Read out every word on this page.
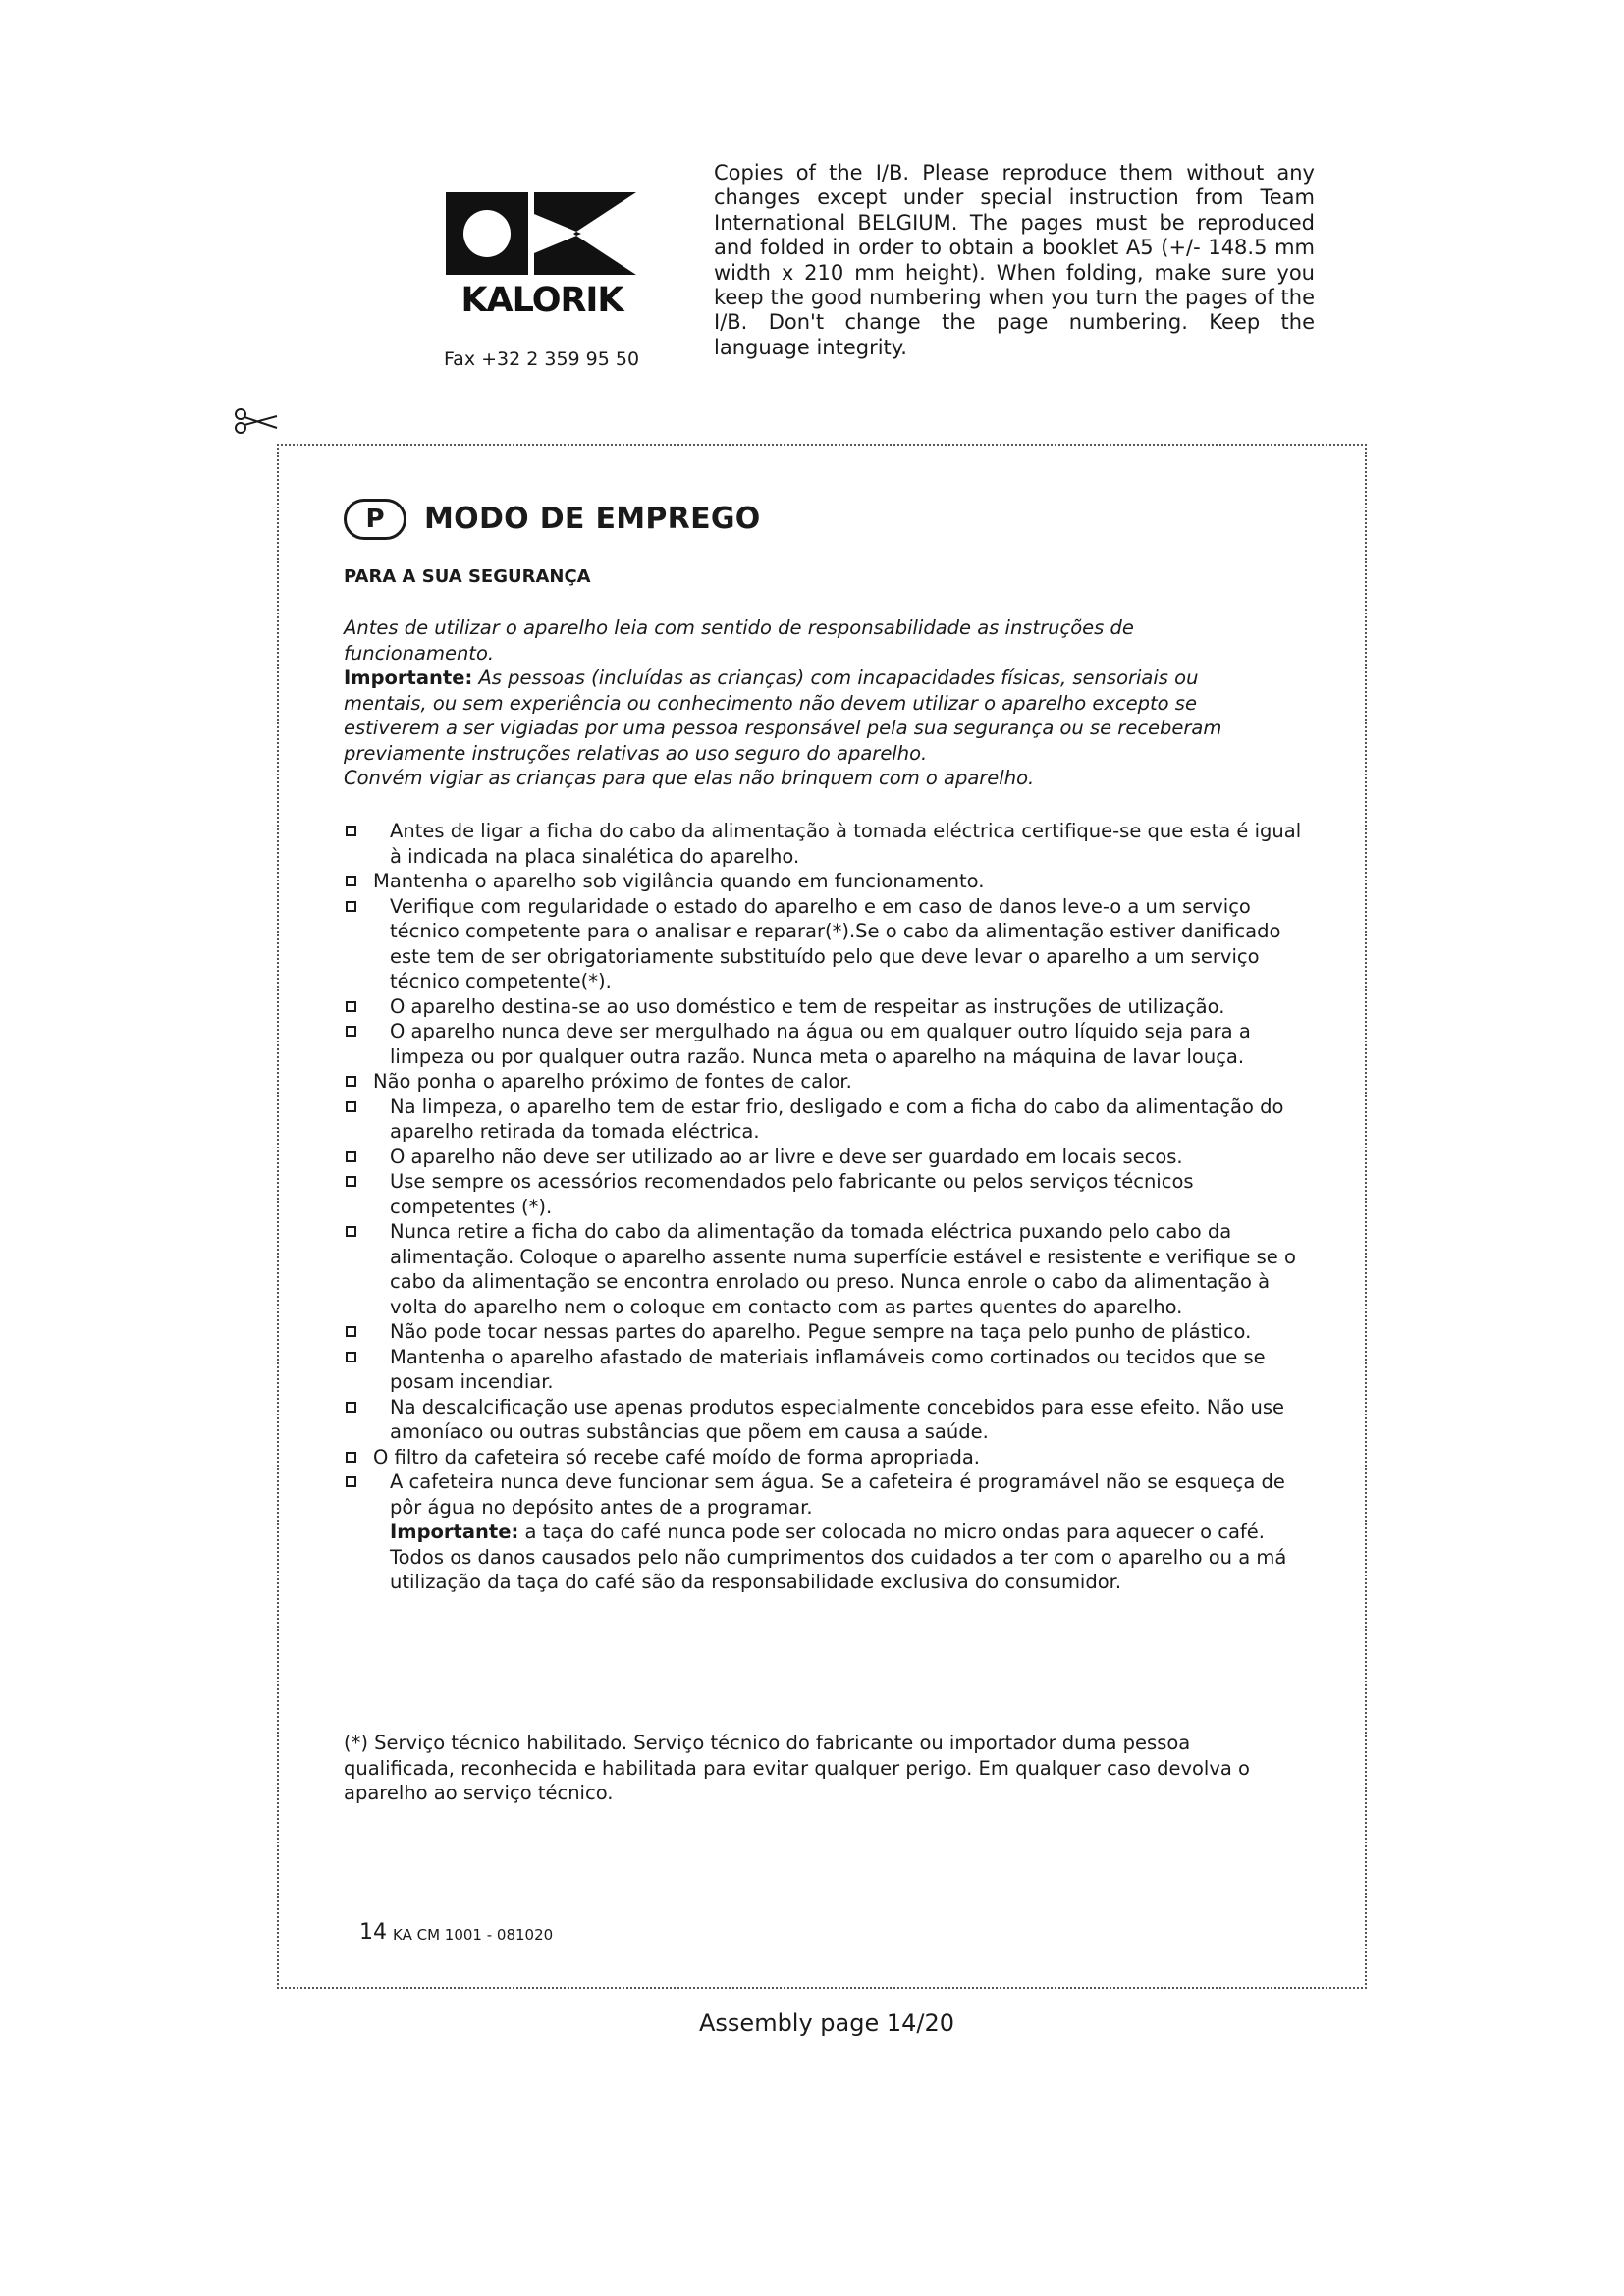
KALORIK
Fax +32 2 359 95 50
Copies of the I/B. Please reproduce them without any changes except under special instruction from Team International BELGIUM. The pages must be reproduced and folded in order to obtain a booklet A5 (+/- 148.5 mm width x 210 mm height). When folding, make sure you keep the good numbering when you turn the pages of the I/B. Don't change the page numbering. Keep the language integrity.
P	MODO DE EMPREGO
PARA A SUA SEGURANÇA

Antes de utilizar o aparelho leia com sentido de responsabilidade as instruções de funcionamento.

Importante: As pessoas (incluídas as crianças) com incapacidades físicas, sensoriais ou mentais, ou sem experiência ou conhecimento não devem utilizar o aparelho excepto se estiverem a ser vigiadas por uma pessoa responsável pela sua segurança ou se receberam previamente instruções relativas ao uso seguro do aparelho.

Convém vigiar as crianças para que elas não brinquem com o aparelho.

Antes de ligar a ficha do cabo da alimentação à tomada eléctrica certifique-se que esta é igual à indicada na placa sinalética do aparelho.

Mantenha o aparelho sob vigilância quando em funcionamento.

Verifique com regularidade o estado do aparelho e em caso de danos leve-o a um serviço técnico competente para o analisar e reparar(*).Se o cabo da alimentação estiver danificado este tem de ser obrigatoriamente substituído pelo que deve levar o aparelho a um serviço técnico competente(*).

O aparelho destina-se ao uso doméstico e tem de respeitar as instruções de utilização.

O aparelho nunca deve ser mergulhado na água ou em qualquer outro líquido seja para a limpeza ou por qualquer outra razão. Nunca meta o aparelho na máquina de lavar louça.

Não ponha o aparelho próximo de fontes de calor.

Na limpeza, o aparelho tem de estar frio, desligado e com a ficha do cabo da alimentação do aparelho retirada da tomada eléctrica.

O aparelho não deve ser utilizado ao ar livre e deve ser guardado em locais secos.

Use sempre os acessórios recomendados pelo fabricante ou pelos serviços técnicos competentes (*).

Nunca retire a ficha do cabo da alimentação da tomada eléctrica puxando pelo cabo da alimentação. Coloque o aparelho assente numa superfície estável e resistente e verifique se o cabo da alimentação se encontra enrolado ou preso. Nunca enrole o cabo da alimentação à volta do aparelho nem o coloque em contacto com as partes quentes do aparelho.

Não pode tocar nessas partes do aparelho. Pegue sempre na taça pelo punho de plástico.

Mantenha o aparelho afastado de materiais inflamáveis como cortinados ou tecidos que se posam incendiar.

Na descalcificação use apenas produtos especialmente concebidos para esse efeito. Não use amoníaco ou outras substâncias que põem em causa a saúde.

O filtro da cafeteira só recebe café moído de forma apropriada.

A cafeteira nunca deve funcionar sem água. Se a cafeteira é programável não se esqueça de pôr água no depósito antes de a programar.
Importante: a taça do café nunca pode ser colocada no micro ondas para aquecer o café. Todos os danos causados pelo não cumprimentos dos cuidados a ter com o aparelho ou a má utilização da taça do café são da responsabilidade exclusiva do consumidor.

(*) Serviço técnico habilitado. Serviço técnico do fabricante ou importador duma pessoa qualificada, reconhecida e habilitada para evitar qualquer perigo. Em qualquer caso devolva o aparelho ao serviço técnico.
14 KA CM 1001 - 081020
Assembly page 14/20
